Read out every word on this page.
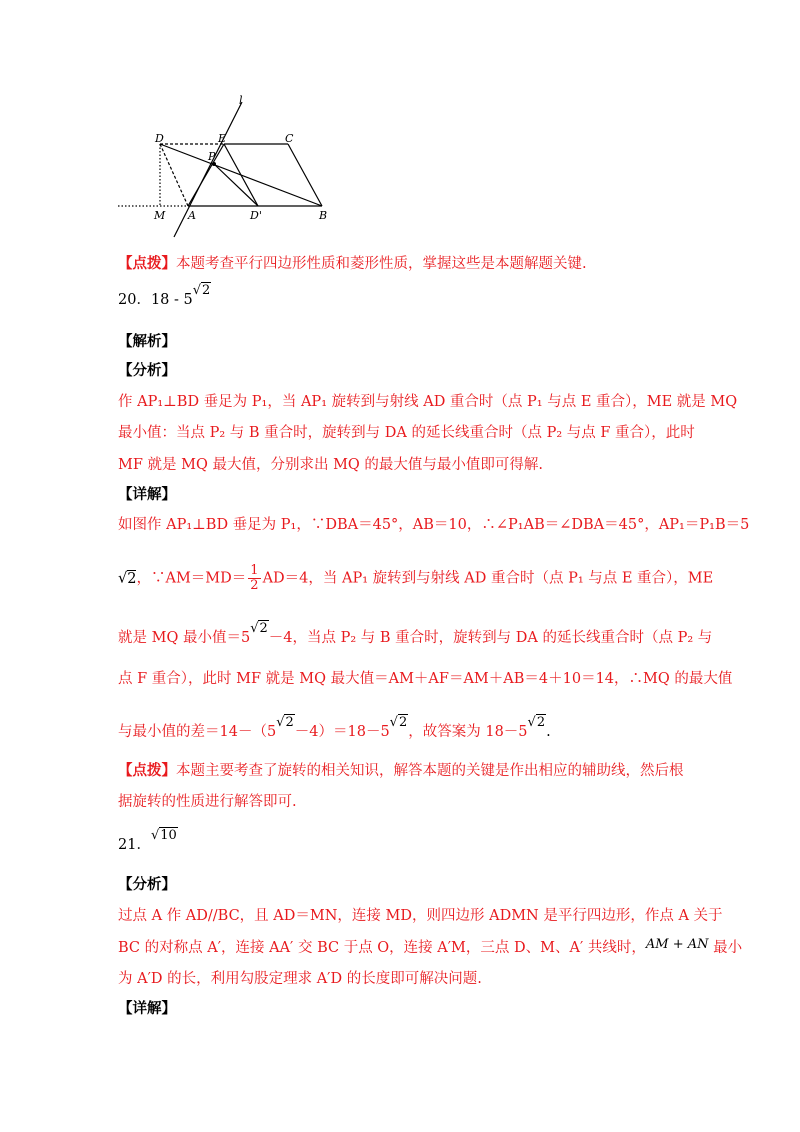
l
D	E	C
P
M A	D'	B
【点拨】本题考查平行四边形性质和菱形性质，掌握这些是本题解题关键.
20．18 - 5√2
【解析】
【分析】
作 AP₁⊥BD 垂足为 P₁，当 AP₁ 旋转到与射线 AD 重合时（点 P₁ 与点 E 重合），ME 就是 MQ
最小值：当点 P₂ 与 B 重合时，旋转到与 DA 的延长线重合时（点 P₂ 与点 F 重合），此时
MF 就是 MQ 最大值，分别求出 MQ 的最大值与最小值即可得解.
【详解】
如图作 AP₁⊥BD 垂足为 P₁，∵DBA＝45°，AB＝10，∴∠P₁AB＝∠DBA＝45°，AP₁＝P₁B＝5
√2，∵AM＝MD＝ $\frac{1}{2} AD=4$，当 AP₁ 旋转到与射线 AD 重合时（点 P₁ 与点 E 重合），ME
就是 MQ 最小值＝5√2－4，当点 P₂ 与 B 重合时，旋转到与 DA 的延长线重合时（点 P₂ 与
点 F 重合），此时 MF 就是 MQ 最大值＝AM＋AF＝AM＋AB＝4＋10＝14，∴MQ 的最大值
与最小值的差＝14－（5√2－4）＝18－5√2，故答案为 18－5√2.
【点拨】本题主要考查了旋转的相关知识，解答本题的关键是作出相应的辅助线，然后根
据旋转的性质进行解答即可.
21．√10
【分析】
过点 A 作 AD//BC，且 AD＝MN，连接 MD，则四边形 ADMN 是平行四边形，作点 A 关于
BC 的对称点 A′，连接 AA′ 交 BC 于点 O，连接 A′M，三点 D、M、A′ 共线时，AM + AN 最小
为 A′D 的长，利用勾股定理求 A′D 的长度即可解决问题.
【详解】
